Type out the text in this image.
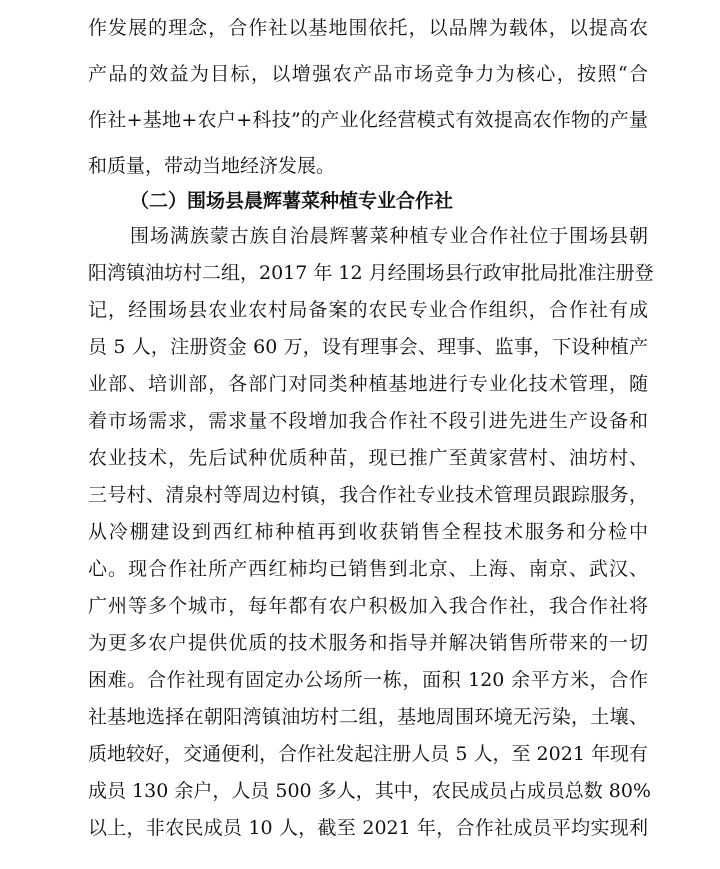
作发展的理念，合作社以基地围依托，以品牌为载体，以提高农
产品的效益为目标，以增强农产品市场竞争力为核心，按照“合
作社+基地+农户+科技”的产业化经营模式有效提高农作物的产量
和质量，带动当地经济发展。
（二）围场县晨辉薯菜种植专业合作社
围场满族蒙古族自治晨辉薯菜种植专业合作社位于围场县朝
阳湾镇油坊村二组，2017 年 12 月经围场县行政审批局批准注册登
记，经围场县农业农村局备案的农民专业合作组织，合作社有成
员 5 人，注册资金 60 万，设有理事会、理事、监事，下设种植产
业部、培训部，各部门对同类种植基地进行专业化技术管理，随
着市场需求，需求量不段增加我合作社不段引进先进生产设备和
农业技术，先后试种优质种苗，现已推广至黄家营村、油坊村、
三号村、清泉村等周边村镇，我合作社专业技术管理员跟踪服务，
从冷棚建设到西红柿种植再到收获销售全程技术服务和分检中
心。现合作社所产西红柿均已销售到北京、上海、南京、武汉、
广州等多个城市，每年都有农户积极加入我合作社，我合作社将
为更多农户提供优质的技术服务和指导并解决销售所带来的一切
困难。合作社现有固定办公场所一栋，面积 120 余平方米，合作
社基地选择在朝阳湾镇油坊村二组，基地周围环境无污染，土壤、
质地较好，交通便利，合作社发起注册人员 5 人，至 2021 年现有
成员 130 余户，人员 500 多人，其中，农民成员占成员总数 80%
以上，非农民成员 10 人，截至 2021 年，合作社成员平均实现利
